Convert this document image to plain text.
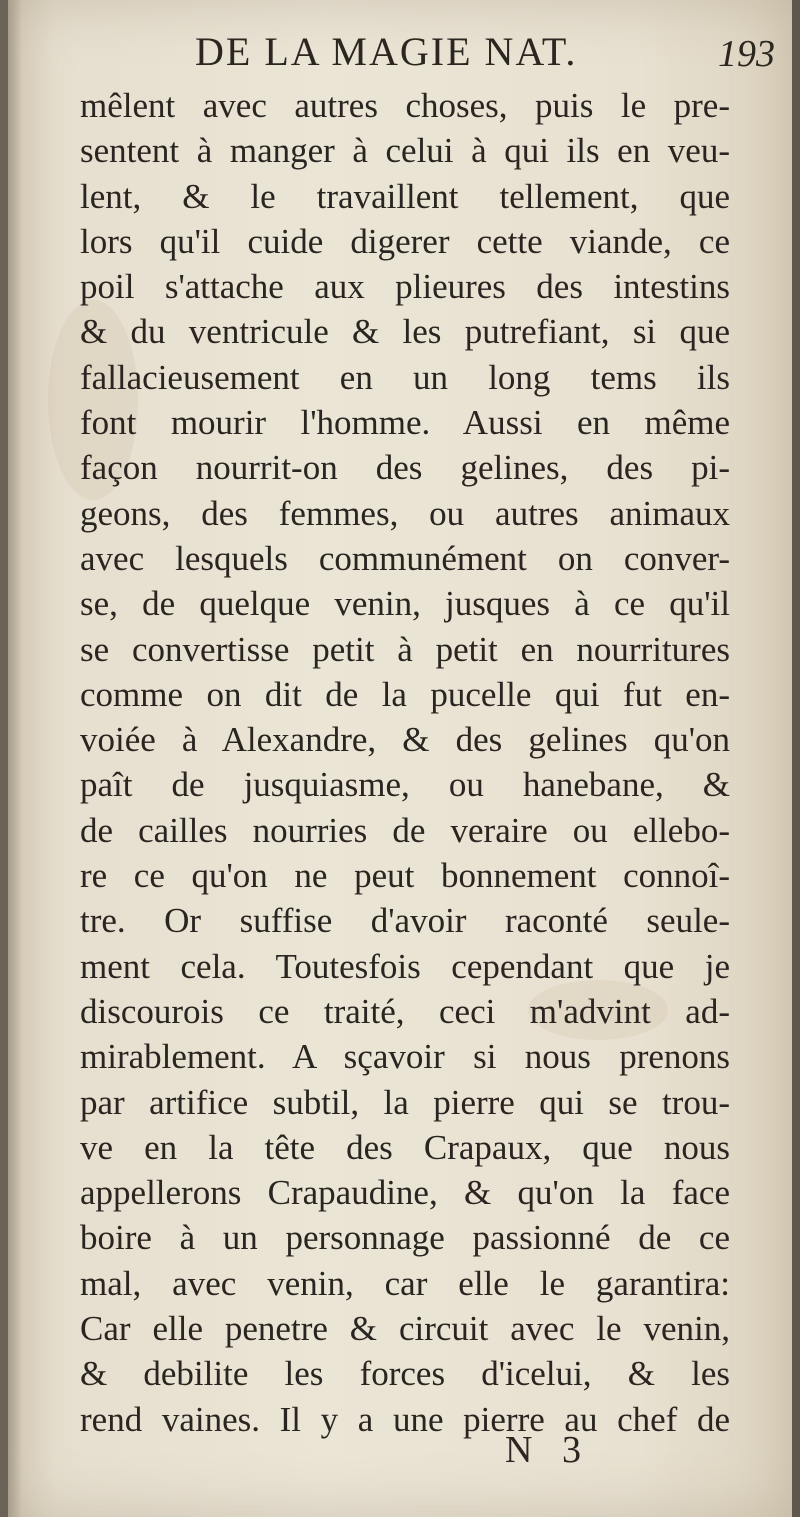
DE LA MAGIE NAT.	193
mêlent avec autres choses, puis le pre-
sentent à manger à celui à qui ils en veu-
lent, & le travaillent tellement, que
lors qu'il cuide digerer cette viande, ce
poil s'attache aux plieures des intestins
& du ventricule & les putrefiant, si que
fallacieusement en un long tems ils
font mourir l'homme. Aussi en même
façon nourrit-on des gelines, des pi-
geons, des femmes, ou autres animaux
avec lesquels communément on conver-
se, de quelque venin, jusques à ce qu'il
se convertisse petit à petit en nourritures
comme on dit de la pucelle qui fut en-
voiée à Alexandre, & des gelines qu'on
paît de jusquiasme, ou hanebane, &
de cailles nourries de veraire ou ellebo-
re ce qu'on ne peut bonnement connoî-
tre. Or suffise d'avoir raconté seule-
ment cela. Toutesfois cependant que je
discourois ce traité, ceci m'advint ad-
mirablement. A sçavoir si nous prenons
par artifice subtil, la pierre qui se trou-
ve en la tête des Crapaux, que nous
appellerons Crapaudine, & qu'on la face
boire à un personnage passionné de ce
mal, avec venin, car elle le garantira:
Car elle penetre & circuit avec le venin,
& debilite les forces d'icelui, & les
rend vaines. Il y a une pierre au chef de
N 3
